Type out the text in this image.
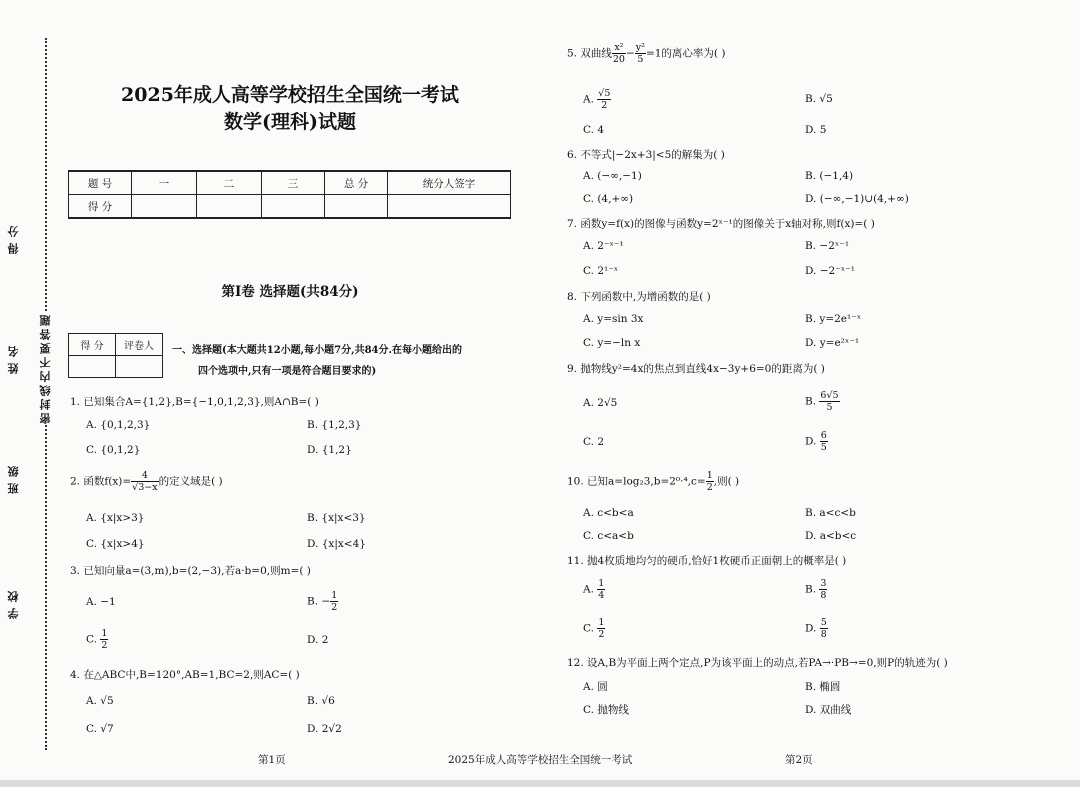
得分
姓名
班级
学校
密封线内不要答题
2025年成人高等学校招生全国统一考试
数学(理科)试题
题 号	一	二	三	总 分	统分人签字
得 分					
第Ⅰ卷 选择题(共84分)
得 分	评卷人
	一、选择题(本大题共12小题,每小题7分,共84分.在每小题给出的
四个选项中,只有一项是符合题目要求的)
1. 已知集合A={1,2},B={−1,0,1,2,3},则A∩B=( )
A. {0,1,2,3}	B. {1,2,3}
C. {0,1,2}	D. {1,2}
2. 函数$f(x)= \frac{4}{√3-x}$ 的定义域是( )
A. {x|x>3}	B. {x|x<3}
C. {x|x>4}	D. {x|x<4}
3. 已知向量a=(3,m),b=(2,−3),若a·b=0,则m=( )
A. −1	B. − $\frac{1}{2}$
C. $\frac{1}{2}$	D. 2
4. 在△ABC中,B=120°,AB=1,BC=2,则AC=( )
A. √5	B. √6
C. √7	D. 2√2
5. 双曲线 $\frac{\text{x²}}{20} - \frac{\text{y²}}{5} =1$的离心率为( )
A. $\frac{√5}{2}$	B. √5
C. 4	D. 5
6. 不等式|−2x+3|<5的解集为( )
A. (−∞,−1)	B. (−1,4)
C. (4,+∞)	D. (−∞,−1)∪(4,+∞)
7. 函数y=f(x)的图像与函数y=2ˣ⁻¹的图像关于x轴对称,则f(x)=( )
A. 2⁻ˣ⁻¹	B. −2ˣ⁻¹
C. 2¹⁻ˣ	D. −2⁻ˣ⁻¹
8. 下列函数中,为增函数的是( )
A. y=sin 3x	B. y=2e¹⁻ˣ
C. y=−ln x	D. y=e²ˣ⁻¹
9. 抛物线y²=4x的焦点到直线4x−3y+6=0的距离为( )
A. 2√5	B. $\frac{6√5}{5}$
C. 2	D. $\frac{6}{5}$
10. 已知$a=\log_23,b=2^0\cdot^4,c= \frac{1}{2}$ ,则( )
A. c<b<a	B. a<c<b
C. c<a<b	D. a<b<c
11. 抛4枚质地均匀的硬币,恰好1枚硬币正面朝上的概率是( )
A. $\frac{1}{4}$	B. $\frac{3}{8}$
C. $\frac{1}{2}$	D. $\frac{5}{8}$
12. 设A,B为平面上两个定点,P为该平面上的动点,若PA→·PB→=0,则P的轨迹为( )
A. 圆	B. 椭圆
C. 抛物线	D. 双曲线
第1页	2025年成人高等学校招生全国统一考试	第2页
